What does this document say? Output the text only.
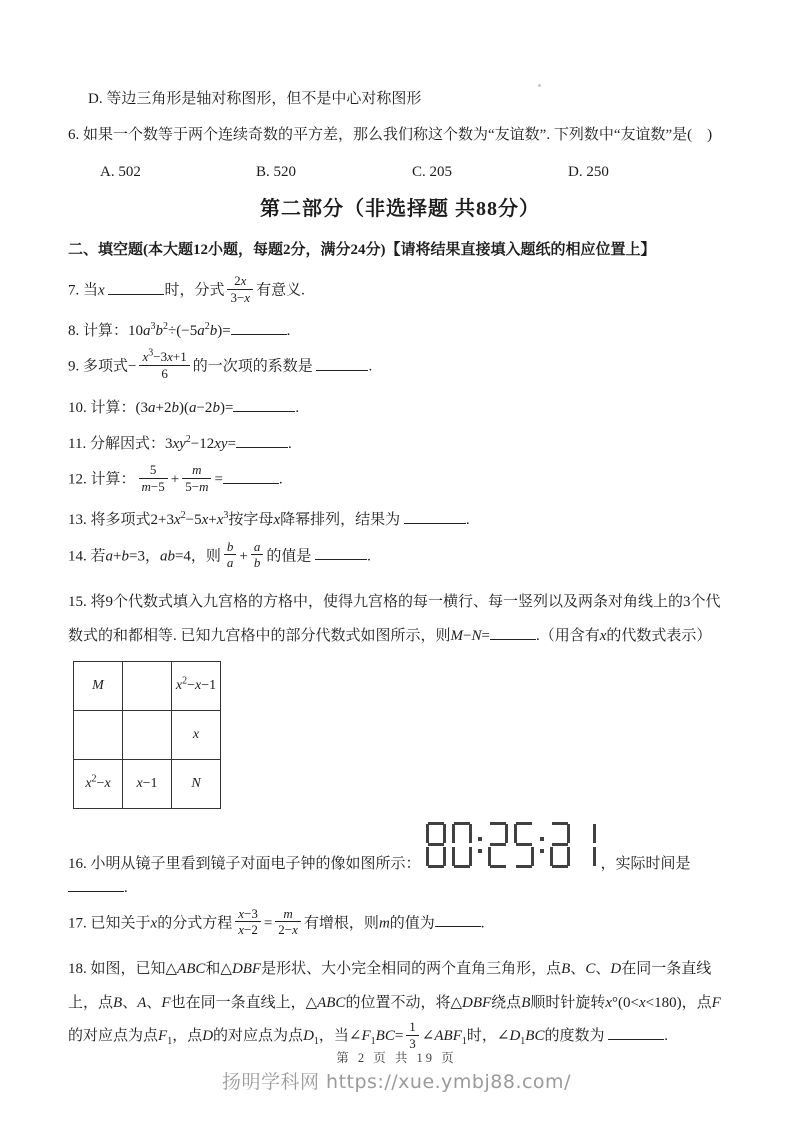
D. 等边三角形是轴对称图形，但不是中心对称图形

6. 如果一个数等于两个连续奇数的平方差，那么我们称这个数为“友谊数”. 下列数中“友谊数”是(　)

A. 502	B. 520	C. 205	D. 250

第二部分（非选择题 共88分）

二、填空题(本大题12小题，每题2分，满分24分)【请将结果直接填入题纸的相应位置上】

7. 当x	时，分式 $\frac{2x}{3-x}$ 有意义.

8. 计算：$10a^3b^2\div(-5a^2b)=$	.

9. 多项式− $\frac{x^3-3x+1}{6}$ 的一次项的系数是	.

10. 计算：(3a+2b)(a−2b)=	.

11. 分解因式：$3xy^2-12xy=$	.

12. 计算： $\frac{5}{m-5} + \frac{m}{5-m}$ =	.

13. 将多项式$2+3x^2-5x+x^3$按字母x降幂排列，结果为	.

14. 若a+b=3，ab=4，则 $\frac{b}{a} + \frac{a}{b}$ 的值是	.

15. 将9个代数式填入九宫格的方格中，使得九宫格的每一横行、每一竖列以及两条对角线上的3个代数式的和都相等. 已知九宫格中的部分代数式如图所示，则M−N=	.（用含有x的代数式表示）

M		$x^2-x-1$
		x
$x^2-x$	x−1	N

16. 小明从镜子里看到镜子对面电子钟的像如图所示：	，实际时间是 .

17. 已知关于x的分式方程 $\frac{x-3}{x-2} = \frac{m}{2-x}$ 有增根，则m的值为	.

18. 如图，已知△ABC和△DBF是形状、大小完全相同的两个直角三角形，点B、C、D在同一条直线上，点B、A、F也在同一条直线上，△ABC的位置不动，将△DBF绕点B顺时针旋转x°(0<x<180)，点F的对应点为点$F_1$，点D的对应点为点$D_1$，当$\angle F_1BC= \frac{1}{3}$ $\angle ABF_1$时，$\angle D_1BC$的度数为	.

第 2 页 共 19 页
扬明学科网 https://xue.ymbj88.com/
